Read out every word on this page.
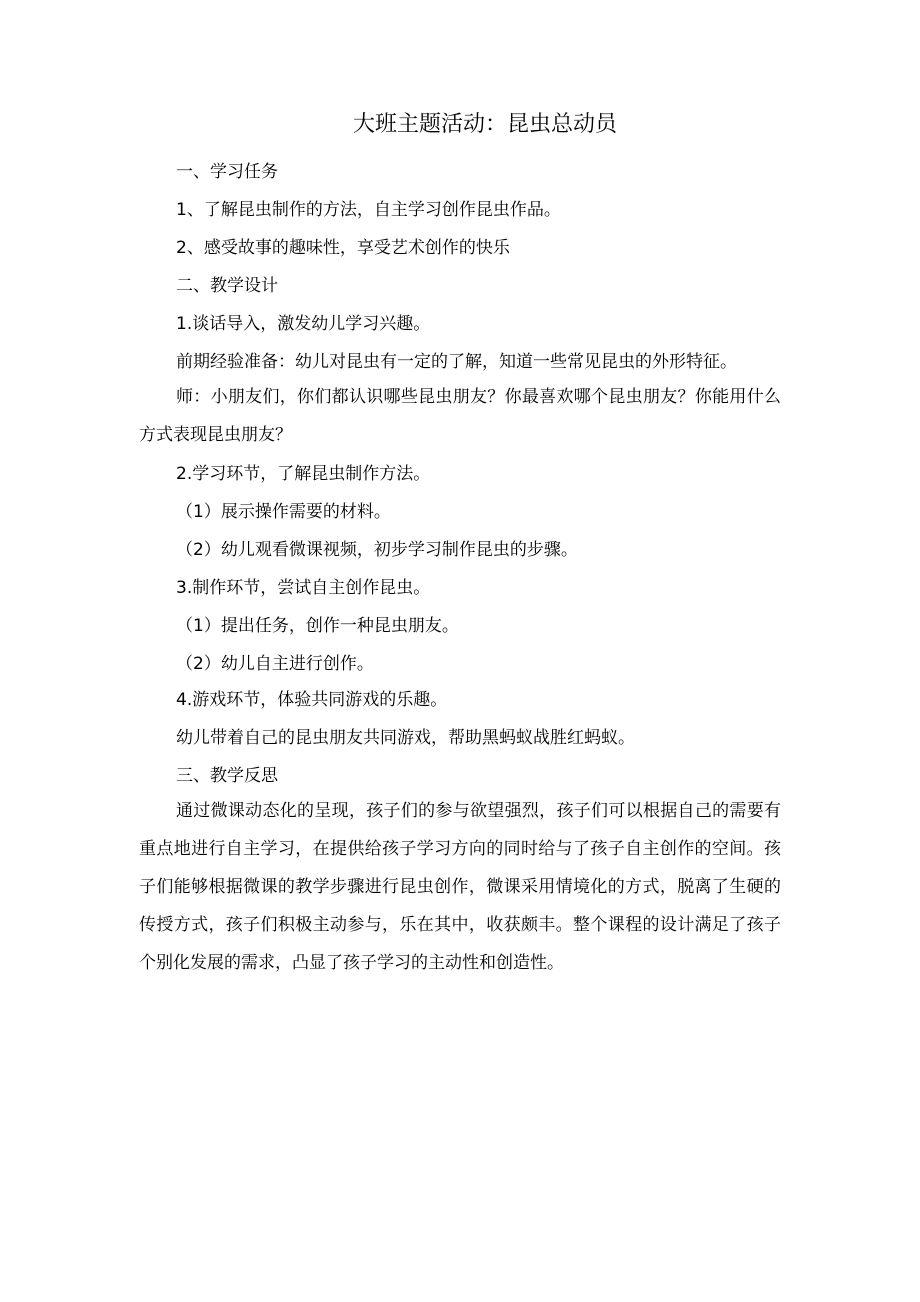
大班主题活动：昆虫总动员
一、学习任务
1、了解昆虫制作的方法，自主学习创作昆虫作品。
2、感受故事的趣味性，享受艺术创作的快乐
二、教学设计
1.谈话导入，激发幼儿学习兴趣。
前期经验准备：幼儿对昆虫有一定的了解，知道一些常见昆虫的外形特征。
师：小朋友们，你们都认识哪些昆虫朋友？你最喜欢哪个昆虫朋友？你能用什么方式表现昆虫朋友？
2.学习环节，了解昆虫制作方法。
（1）展示操作需要的材料。
（2）幼儿观看微课视频，初步学习制作昆虫的步骤。
3.制作环节，尝试自主创作昆虫。
（1）提出任务，创作一种昆虫朋友。
（2）幼儿自主进行创作。
4.游戏环节，体验共同游戏的乐趣。
幼儿带着自己的昆虫朋友共同游戏，帮助黑蚂蚁战胜红蚂蚁。
三、教学反思
通过微课动态化的呈现，孩子们的参与欲望强烈，孩子们可以根据自己的需要有重点地进行自主学习，在提供给孩子学习方向的同时给与了孩子自主创作的空间。孩子们能够根据微课的教学步骤进行昆虫创作，微课采用情境化的方式，脱离了生硬的传授方式，孩子们积极主动参与，乐在其中，收获颇丰。整个课程的设计满足了孩子个别化发展的需求，凸显了孩子学习的主动性和创造性。
